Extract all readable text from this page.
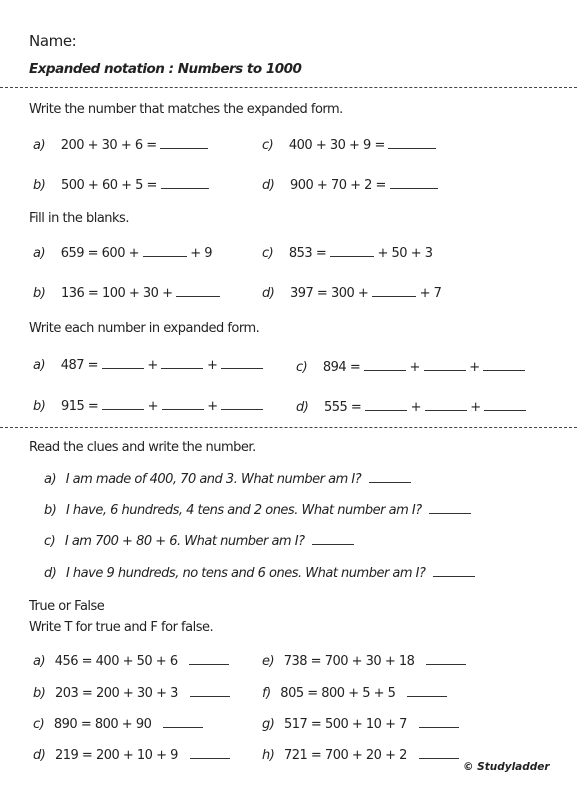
Name:
Expanded notation : Numbers to 1000
Write the number that matches the expanded form.
a) 200 + 30 + 6 =	c) 400 + 30 + 9 =
b) 500 + 60 + 5 =	d) 900 + 70 + 2 =
Fill in the blanks.
a) 659 = 600 +	+ 9	c) 853 =	+ 50 + 3
b) 136 = 100 + 30 +	d) 397 = 300 +	+ 7
Write each number in expanded form.
a) 487 =	+	+	c) 894 =	+	+
b) 915 =	+	+	d) 555 =	+	+
Read the clues and write the number.
a) I am made of 400, 70 and 3. What number am I?
b) I have, 6 hundreds, 4 tens and 2 ones. What number am I?
c) I am 700 + 80 + 6. What number am I?
d) I have 9 hundreds, no tens and 6 ones. What number am I?
True or False
Write T for true and F for false.
a) 456 = 400 + 50 + 6	e) 738 = 700 + 30 + 18
b) 203 = 200 + 30 + 3	f) 805 = 800 + 5 + 5
c) 890 = 800 + 90	g) 517 = 500 + 10 + 7
d) 219 = 200 + 10 + 9	h) 721 = 700 + 20 + 2
© Studyladder
